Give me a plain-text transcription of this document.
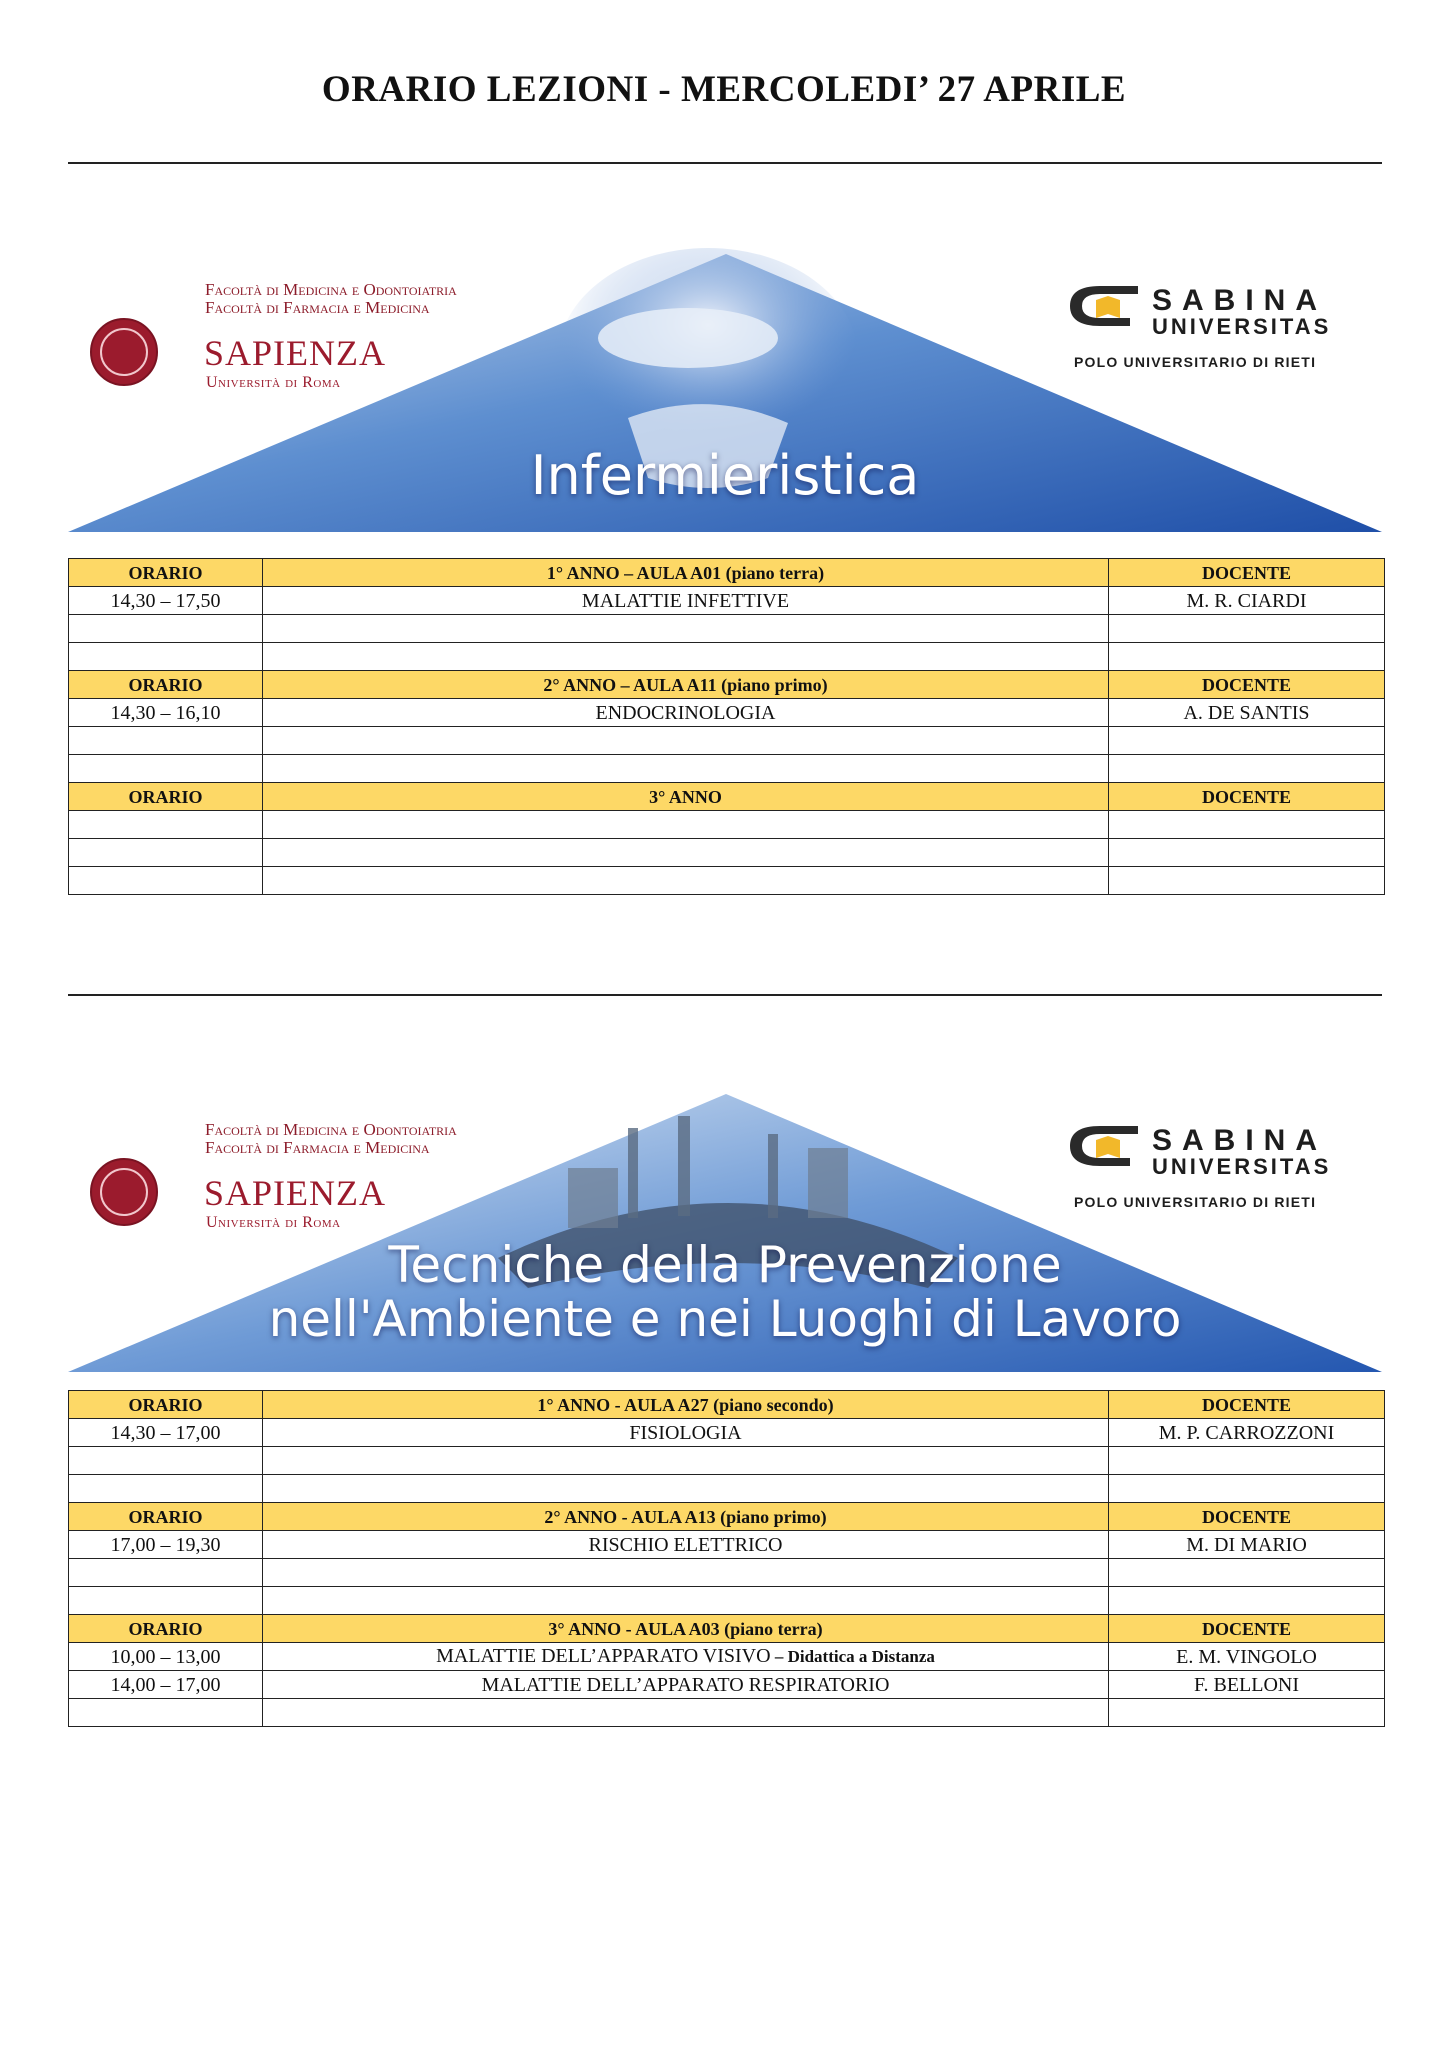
ORARIO LEZIONI - MERCOLEDI’ 27 APRILE
Facoltà di Medicina e Odontoiatria
Facoltà di Farmacia e Medicina
SAPIENZA
Università di Roma
SABINA
UNIVERSITAS
POLO UNIVERSITARIO DI RIETI
Infermieristica
ORARIO	1° ANNO – AULA A01 (piano terra)	DOCENTE
14,30 – 17,50	MALATTIE INFETTIVE	M. R. CIARDI

ORARIO	2° ANNO – AULA A11 (piano primo)	DOCENTE
14,30 – 16,10	ENDOCRINOLOGIA	A. DE SANTIS

ORARIO	3° ANNO	DOCENTE

Facoltà di Medicina e Odontoiatria
Facoltà di Farmacia e Medicina
SAPIENZA
Università di Roma
SABINA
UNIVERSITAS
POLO UNIVERSITARIO DI RIETI
Tecniche della Prevenzione
nell'Ambiente e nei Luoghi di Lavoro
ORARIO	1° ANNO - AULA A27 (piano secondo)	DOCENTE
14,30 – 17,00	FISIOLOGIA	M. P. CARROZZONI

ORARIO	2° ANNO - AULA A13 (piano primo)	DOCENTE
17,00 – 19,30	RISCHIO ELETTRICO	M. DI MARIO

ORARIO	3° ANNO - AULA A03 (piano terra)	DOCENTE
10,00 – 13,00	MALATTIE DELL’APPARATO VISIVO – Didattica a Distanza	E. M. VINGOLO
14,00 – 17,00	MALATTIE DELL’APPARATO RESPIRATORIO	F. BELLONI
